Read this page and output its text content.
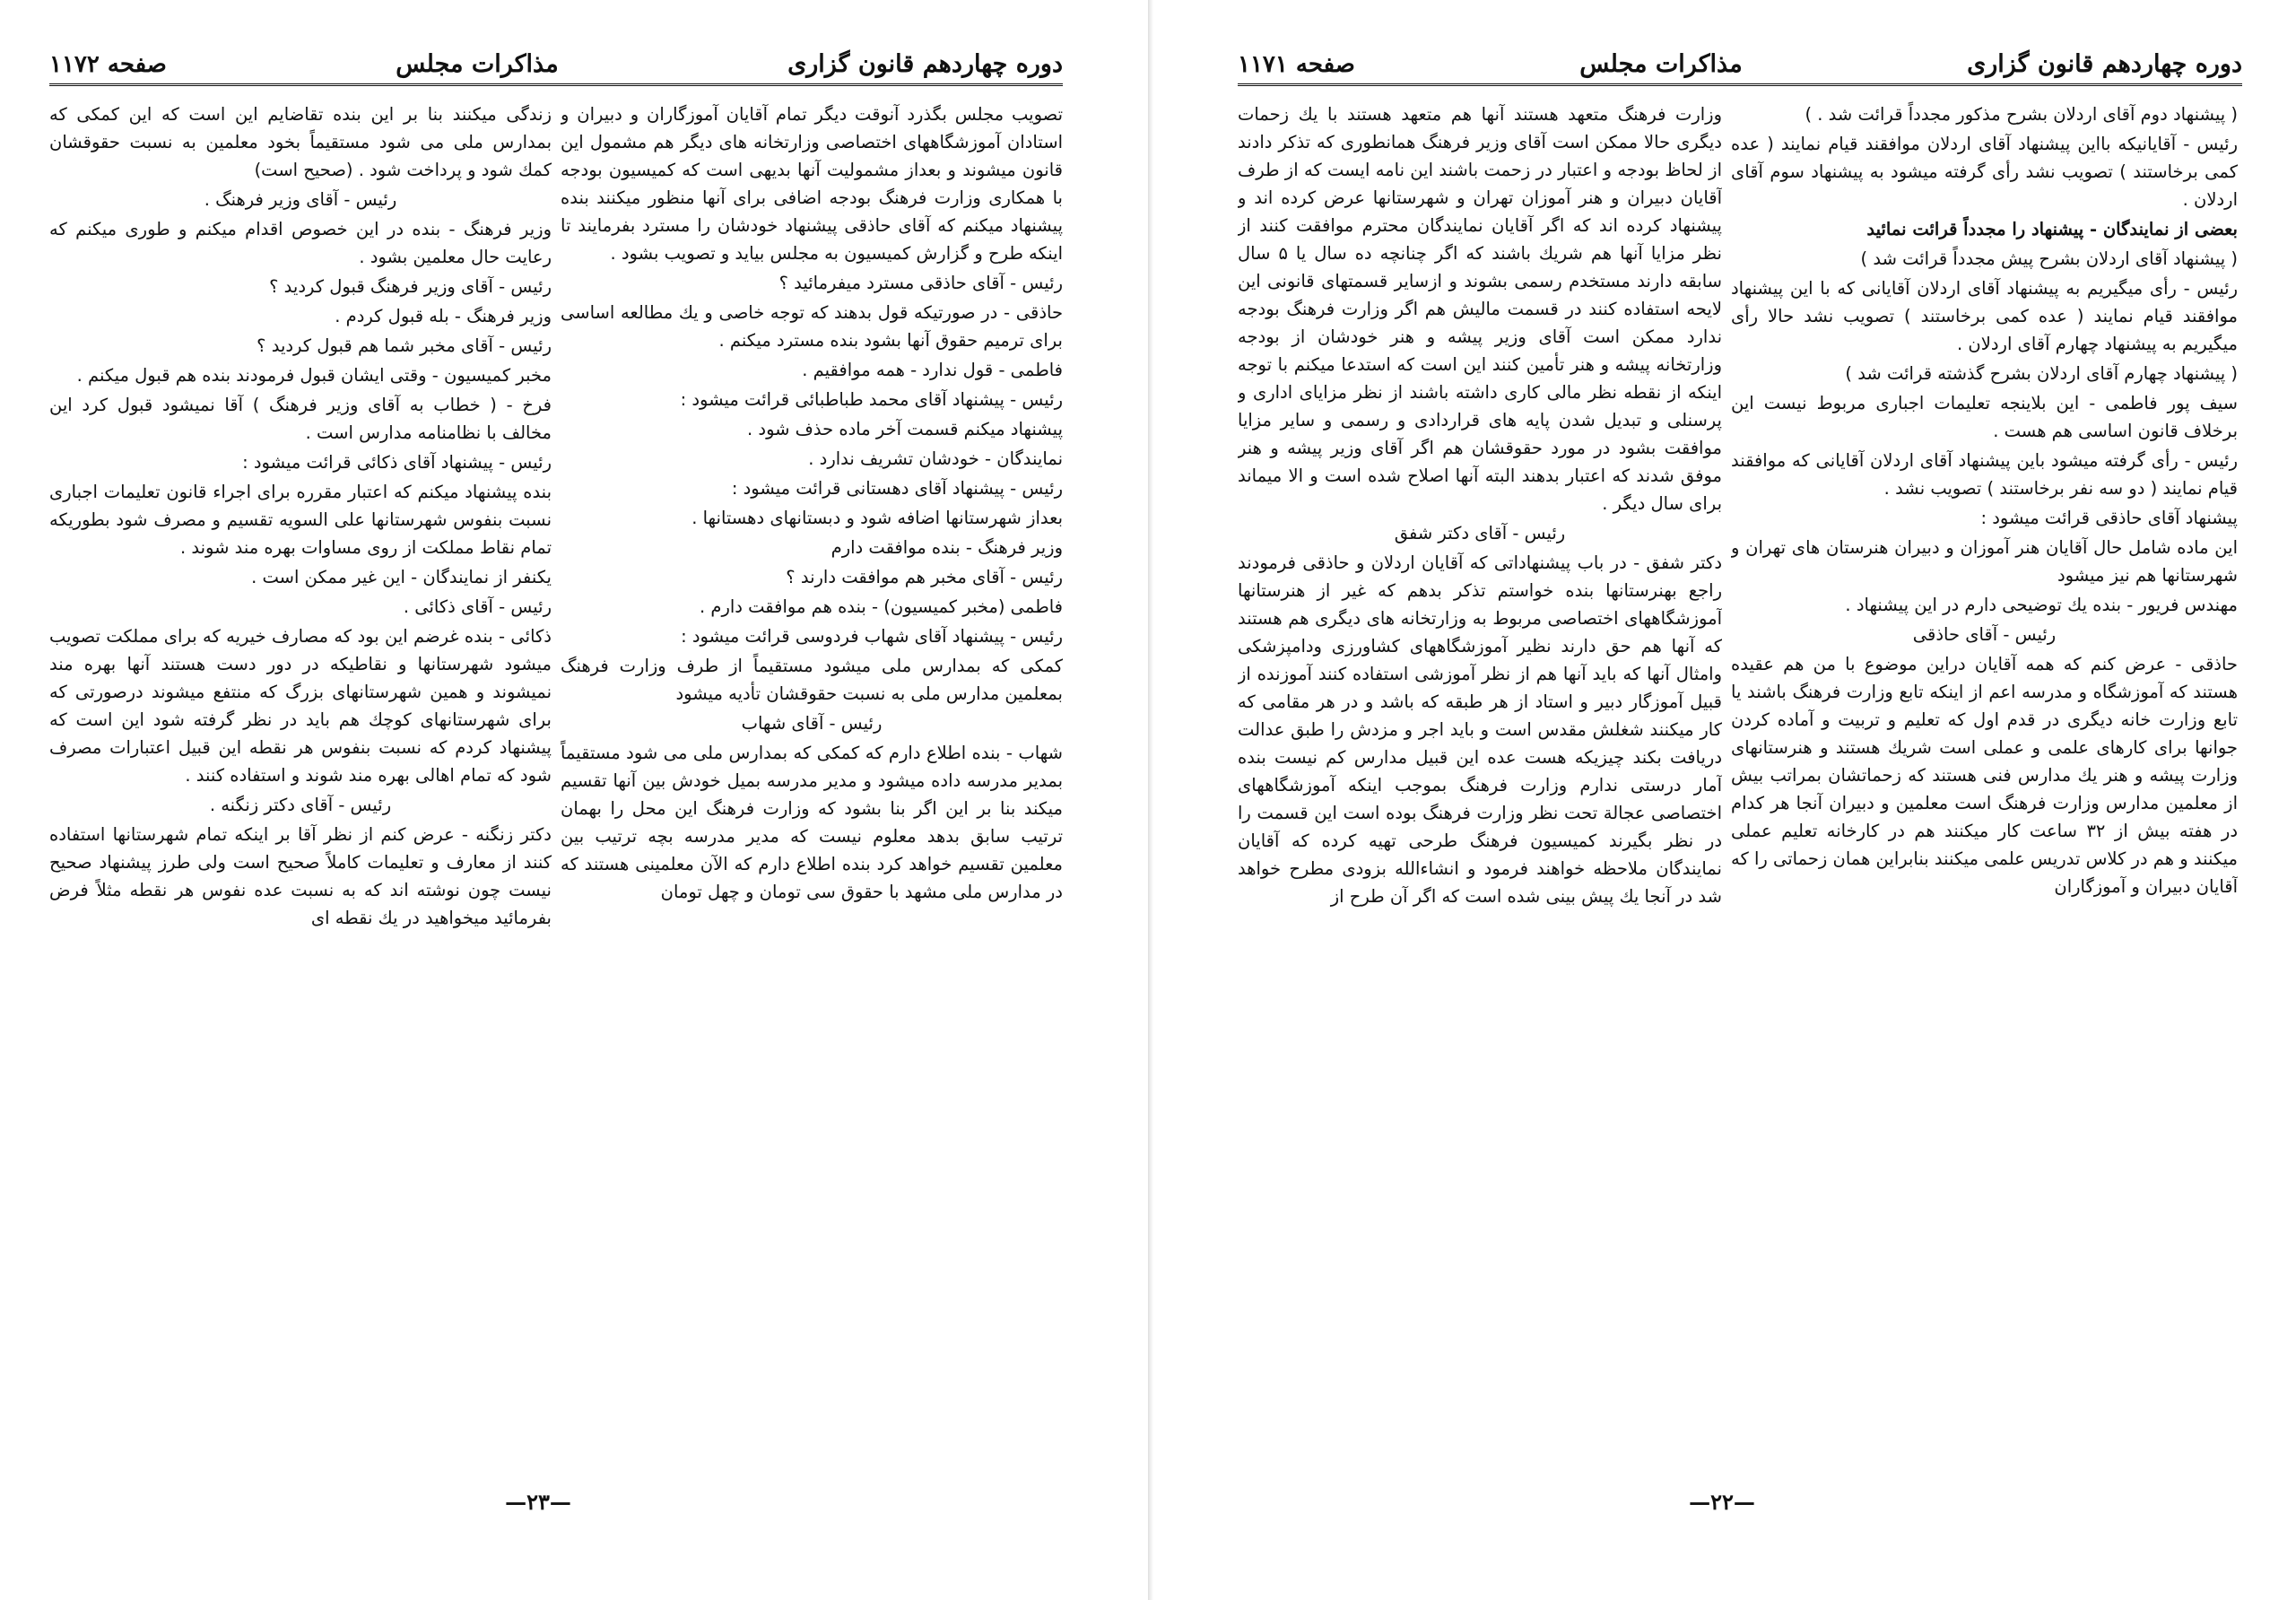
دوره چهاردهم قانون گزاری
مذاکرات مجلس
صفحه ۱۱۷۱

( پیشنهاد دوم آقای اردلان بشرح مذکور مجدداً قرائت شد . )

رئیس - آقایانیکه بااین پیشنهاد آقای اردلان موافقند قیام نمایند ( عده کمی برخاستند ) تصویب نشد رأی گرفته میشود به پیشنهاد سوم آقای اردلان .

بعضی از نمایندگان - پیشنهاد را مجدداً قرائت نمائید

( پیشنهاد آقای اردلان بشرح پیش مجدداً قرائت شد )

رئیس - رأی میگیریم به پیشنهاد آقای اردلان آقایانی که با این پیشنهاد موافقند قیام نمایند ( عده کمی برخاستند ) تصویب نشد حالا رأی میگیریم به پیشنهاد چهارم آقای اردلان .

( پیشنهاد چهارم آقای اردلان بشرح گذشته قرائت شد )

سیف پور فاطمی - این بلاینجه تعلیمات اجباری مربوط نیست این برخلاف قانون اساسی هم هست .

رئیس - رأی گرفته میشود باین پیشنهاد آقای اردلان آقایانی که موافقند قیام نمایند ( دو سه نفر برخاستند ) تصویب نشد .

پیشنهاد آقای حاذقی قرائت میشود :

این ماده شامل حال آقایان هنر آموزان و دبیران هنرستان های تهران و شهرستانها هم نیز میشود

مهندس فریور - بنده یك توضیحی دارم در این پیشنهاد .

رئیس - آقای حاذقی

حاذقی - عرض کنم که همه آقایان دراین موضوع با من هم عقیده هستند که آموزشگاه و مدرسه اعم از اینکه تابع وزارت فرهنگ باشند یا تابع وزارت خانه دیگری در قدم اول که تعلیم و تربیت و آماده کردن جوانها برای کارهای علمی و عملی است شریك هستند و هنرستانهای وزارت پیشه و هنر یك مدارس فنی هستند که زحماتشان بمراتب بیش از معلمین مدارس وزارت فرهنگ است معلمین و دبیران آنجا هر کدام در هفته بیش از ۳۲ ساعت کار میکنند هم در کارخانه تعلیم عملی میکنند و هم در کلاس تدریس علمی میکنند بنابراین همان زحماتی را که آقایان دبیران و آموزگاران

وزارت فرهنگ متعهد هستند آنها هم متعهد هستند با یك زحمات دیگری حالا ممکن است آقای وزیر فرهنگ همانطوری که تذکر دادند از لحاظ بودجه و اعتبار در زحمت باشند این نامه ایست که از طرف آقایان دبیران و هنر آموزان تهران و شهرستانها عرض کرده اند و پیشنهاد کرده اند که اگر آقایان نمایندگان محترم موافقت کنند از نظر مزایا آنها هم شریك باشند که اگر چنانچه ده سال یا ۵ سال سابقه دارند مستخدم رسمی بشوند و ازسایر قسمتهای قانونی این لایحه استفاده کنند در قسمت مالیش هم اگر وزارت فرهنگ بودجه ندارد ممکن است آقای وزیر پیشه و هنر خودشان از بودجه وزارتخانه پیشه و هنر تأمین کنند این است که استدعا میکنم با توجه اینکه از نقطه نظر مالی کاری داشته باشند از نظر مزایای اداری و پرسنلی و تبدیل شدن پایه های قراردادی و رسمی و سایر مزایا موافقت بشود در مورد حقوقشان هم اگر آقای وزیر پیشه و هنر موفق شدند که اعتبار بدهند البته آنها اصلاح شده است و الا میماند برای سال دیگر .

رئیس - آقای دکتر شفق

دکتر شفق - در باب پیشنهاداتی که آقایان اردلان و حاذقی فرمودند راجع بهنرستانها بنده خواستم تذکر بدهم که غیر از هنرستانها آموزشگاههای اختصاصی مربوط به وزارتخانه های دیگری هم هستند که آنها هم حق دارند نظیر آموزشگاههای کشاورزی ودامپزشکی وامثال آنها که باید آنها هم از نظر آموزشی استفاده کنند آموزنده از قبیل آموزگار دبیر و استاد از هر طبقه که باشد و در هر مقامی که کار میکنند شغلش مقدس است و باید اجر و مزدش را طبق عدالت دریافت بکند چیزیکه هست عده این قبیل مدارس کم نیست بنده آمار درستی ندارم وزارت فرهنگ بموجب اینکه آموزشگاههای اختصاصی عجالة تحت نظر وزارت فرهنگ بوده است این قسمت را در نظر بگیرند کمیسیون فرهنگ طرحی تهیه کرده که آقایان نمایندگان ملاحظه خواهند فرمود و انشاءالله بزودی مطرح خواهد شد در آنجا یك پیش بینی شده است که اگر آن طرح از

—۲۲—
دوره چهاردهم قانون گزاری
مذاکرات مجلس
صفحه ۱۱۷۲

تصویب مجلس بگذرد آنوقت دیگر تمام آقایان آموزگاران و دبیران و استادان آموزشگاههای اختصاصی وزارتخانه های دیگر هم مشمول این قانون میشوند و بعداز مشمولیت آنها بدیهی است که کمیسیون بودجه با همکاری وزارت فرهنگ بودجه اضافی برای آنها منظور میکنند بنده پیشنهاد میکنم که آقای حاذقی پیشنهاد خودشان را مسترد بفرمایند تا اینکه طرح و گزارش کمیسیون به مجلس بیاید و تصویب بشود .

رئیس - آقای حاذقی مسترد میفرمائید ؟

حاذقی - در صورتیکه قول بدهند که توجه خاصی و یك مطالعه اساسی برای ترمیم حقوق آنها بشود بنده مسترد میکنم .

فاطمی - قول ندارد - همه موافقیم .

رئیس - پیشنهاد آقای محمد طباطبائی قرائت میشود :

پیشنهاد میکنم قسمت آخر ماده حذف شود .

نمایندگان - خودشان تشریف ندارد .

رئیس - پیشنهاد آقای دهستانی قرائت میشود :

بعداز شهرستانها اضافه شود و دبستانهای دهستانها .

وزیر فرهنگ - بنده موافقت دارم

رئیس - آقای مخبر هم موافقت دارند ؟

فاطمی (مخبر کمیسیون) - بنده هم موافقت دارم .

رئیس - پیشنهاد آقای شهاب فردوسی قرائت میشود :

کمکی که بمدارس ملی میشود مستقیماً از طرف وزارت فرهنگ بمعلمین مدارس ملی به نسبت حقوقشان تأدیه میشود

رئیس - آقای شهاب

شهاب - بنده اطلاع دارم که کمکی که بمدارس ملی می شود مستقیماً بمدیر مدرسه داده میشود و مدیر مدرسه بمیل خودش بین آنها تقسیم میکند بنا بر این اگر بنا بشود که وزارت فرهنگ این محل را بهمان ترتیب سابق بدهد معلوم نیست که مدیر مدرسه بچه ترتیب بین معلمین تقسیم خواهد کرد بنده اطلاع دارم که الآن معلمینی هستند که در مدارس ملی مشهد با حقوق سی تومان و چهل تومان

زندگی میکنند بنا بر این بنده تقاضایم این است که این کمکی که بمدارس ملی می شود مستقیماً بخود معلمین به نسبت حقوقشان کمك شود و پرداخت شود . (صحیح است)

رئیس - آقای وزیر فرهنگ .

وزیر فرهنگ - بنده در این خصوص اقدام میکنم و طوری میکنم که رعایت حال معلمین بشود .

رئیس - آقای وزیر فرهنگ قبول کردید ؟

وزیر فرهنگ - بله قبول کردم .

رئیس - آقای مخبر شما هم قبول کردید ؟

مخبر کمیسیون - وقتی ایشان قبول فرمودند بنده هم قبول میکنم .

فرخ - ( خطاب به آقای وزیر فرهنگ ) آقا نمیشود قبول کرد این مخالف با نظامنامه مدارس است .

رئیس - پیشنهاد آقای ذکائی قرائت میشود :

بنده پیشنهاد میکنم که اعتبار مقرره برای اجراء قانون تعلیمات اجباری نسبت بنفوس شهرستانها علی السویه تقسیم و مصرف شود بطوریکه تمام نقاط مملکت از روی مساوات بهره مند شوند .

یکنفر از نمایندگان - این غیر ممکن است .

رئیس - آقای ذکائی .

ذکائی - بنده غرضم این بود که مصارف خیریه که برای مملکت تصویب میشود شهرستانها و نقاطیکه در دور دست هستند آنها بهره مند نمیشوند و همین شهرستانهای بزرگ که منتفع میشوند درصورتی که برای شهرستانهای کوچك هم باید در نظر گرفته شود این است که پیشنهاد کردم که نسبت بنفوس هر نقطه این قبیل اعتبارات مصرف شود که تمام اهالی بهره مند شوند و استفاده کنند .

رئیس - آقای دکتر زنگنه .

دکتر زنگنه - عرض کنم از نظر آقا بر اینکه تمام شهرستانها استفاده کنند از معارف و تعلیمات کاملاً صحیح است ولی طرز پیشنهاد صحیح نیست چون نوشته اند که به نسبت عده نفوس هر نقطه مثلاً فرض بفرمائید میخواهید در یك نقطه ای

—۲۳—
